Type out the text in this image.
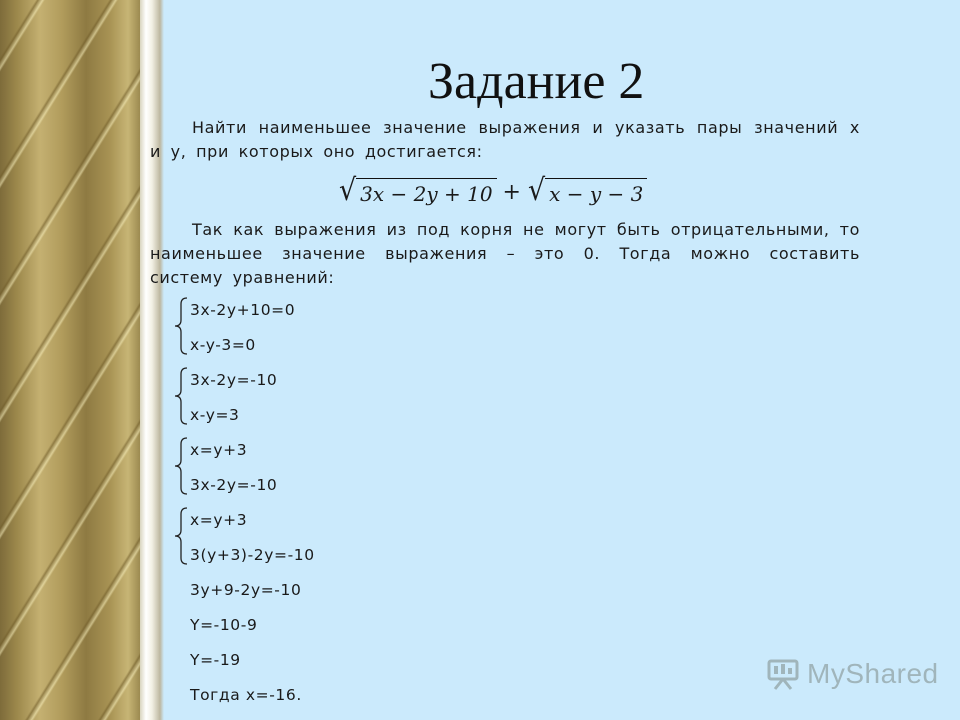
Задание 2
Найти наименьшее значение выражения и указать пары значений x и y, при которых оно достигается:
√ 3x − 2y + 10 + √ x − y − 3
Так как выражения из под корня не могут быть отрицательными, то наименьшее значение выражения – это 0. Тогда можно составить систему уравнений:
3x-2y+10=0
x-y-3=0
3x-2y=-10
x-y=3
x=y+3
3x-2y=-10
x=y+3
3(y+3)-2y=-10
3y+9-2y=-10
Y=-10-9
Y=-19
Тогда x=-16.
MyShared
